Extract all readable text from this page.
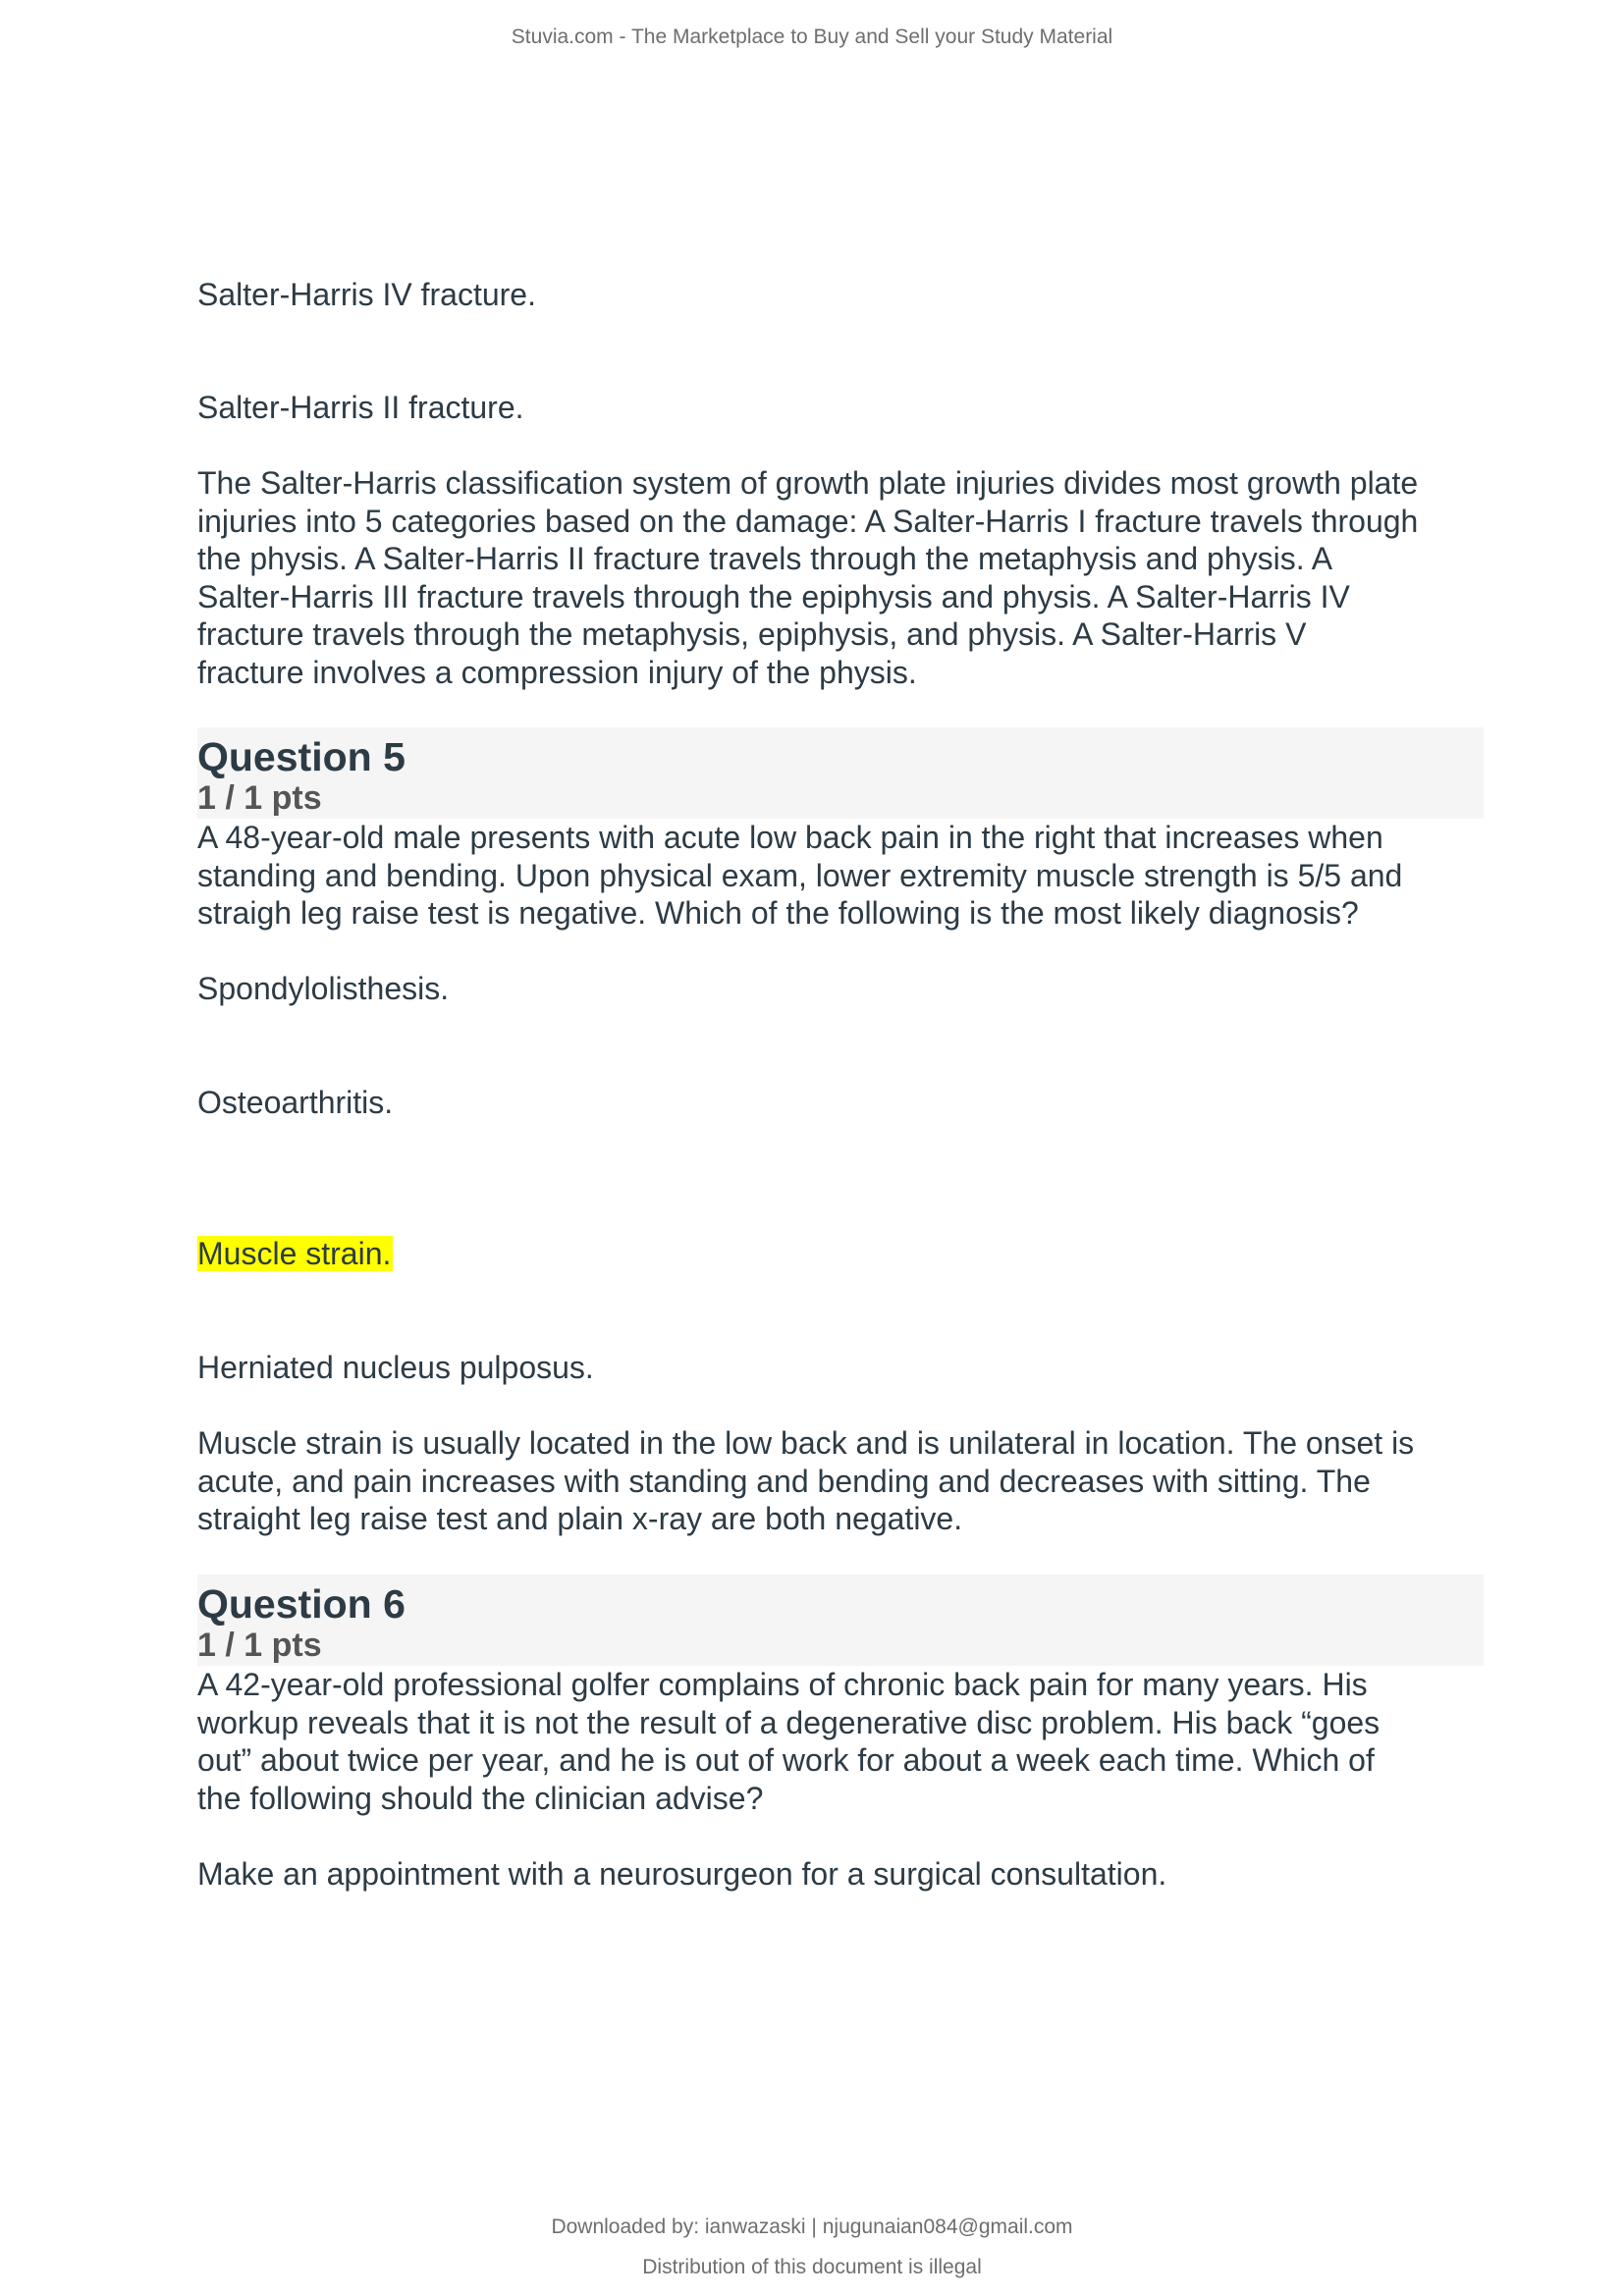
Stuvia.com - The Marketplace to Buy and Sell your Study Material
Salter-Harris IV fracture.
Salter-Harris II fracture.
The Salter-Harris classification system of growth plate injuries divides most growth plate
injuries into 5 categories based on the damage: A Salter-Harris I fracture travels through
the physis. A Salter-Harris II fracture travels through the metaphysis and physis. A
Salter-Harris III fracture travels through the epiphysis and physis. A Salter-Harris IV
fracture travels through the metaphysis, epiphysis, and physis. A Salter-Harris V
fracture involves a compression injury of the physis.
Question 5
1 / 1 pts
A 48-year-old male presents with acute low back pain in the right that increases when
standing and bending. Upon physical exam, lower extremity muscle strength is 5/5 and
straigh leg raise test is negative. Which of the following is the most likely diagnosis?
Spondylolisthesis.
Osteoarthritis.
Muscle strain.
Herniated nucleus pulposus.
Muscle strain is usually located in the low back and is unilateral in location. The onset is
acute, and pain increases with standing and bending and decreases with sitting. The
straight leg raise test and plain x-ray are both negative.
Question 6
1 / 1 pts
A 42-year-old professional golfer complains of chronic back pain for many years. His
workup reveals that it is not the result of a degenerative disc problem. His back “goes
out” about twice per year, and he is out of work for about a week each time. Which of
the following should the clinician advise?
Make an appointment with a neurosurgeon for a surgical consultation.
Downloaded by: ianwazaski | njugunaian084@gmail.com
Distribution of this document is illegal
